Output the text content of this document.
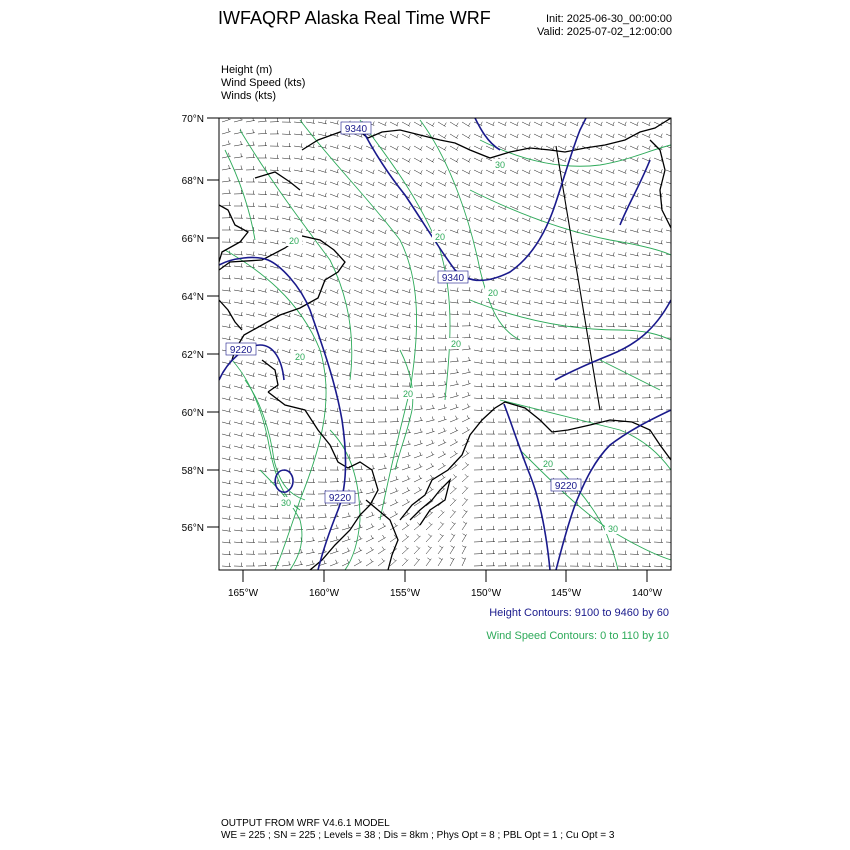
IWFAQRP Alaska Real Time WRF	Init: 2025-06-30_00:00:00
Valid: 2025-07-02_12:00:00
Height (m)
Wind Speed (kts)
Winds (kts)
9340
9340
9220
9220
9220
30
20
20
20
20
20
20
20
30
30
70°N
68°N
66°N
64°N
62°N
60°N
58°N
56°N
165°W	160°W	155°W	150°W	145°W	140°W
Height Contours: 9100 to 9460 by 60
Wind Speed Contours: 0 to 110 by 10
OUTPUT FROM WRF V4.6.1 MODEL
WE = 225 ; SN = 225 ; Levels = 38 ; Dis = 8km ; Phys Opt = 8 ; PBL Opt = 1 ; Cu Opt = 3
